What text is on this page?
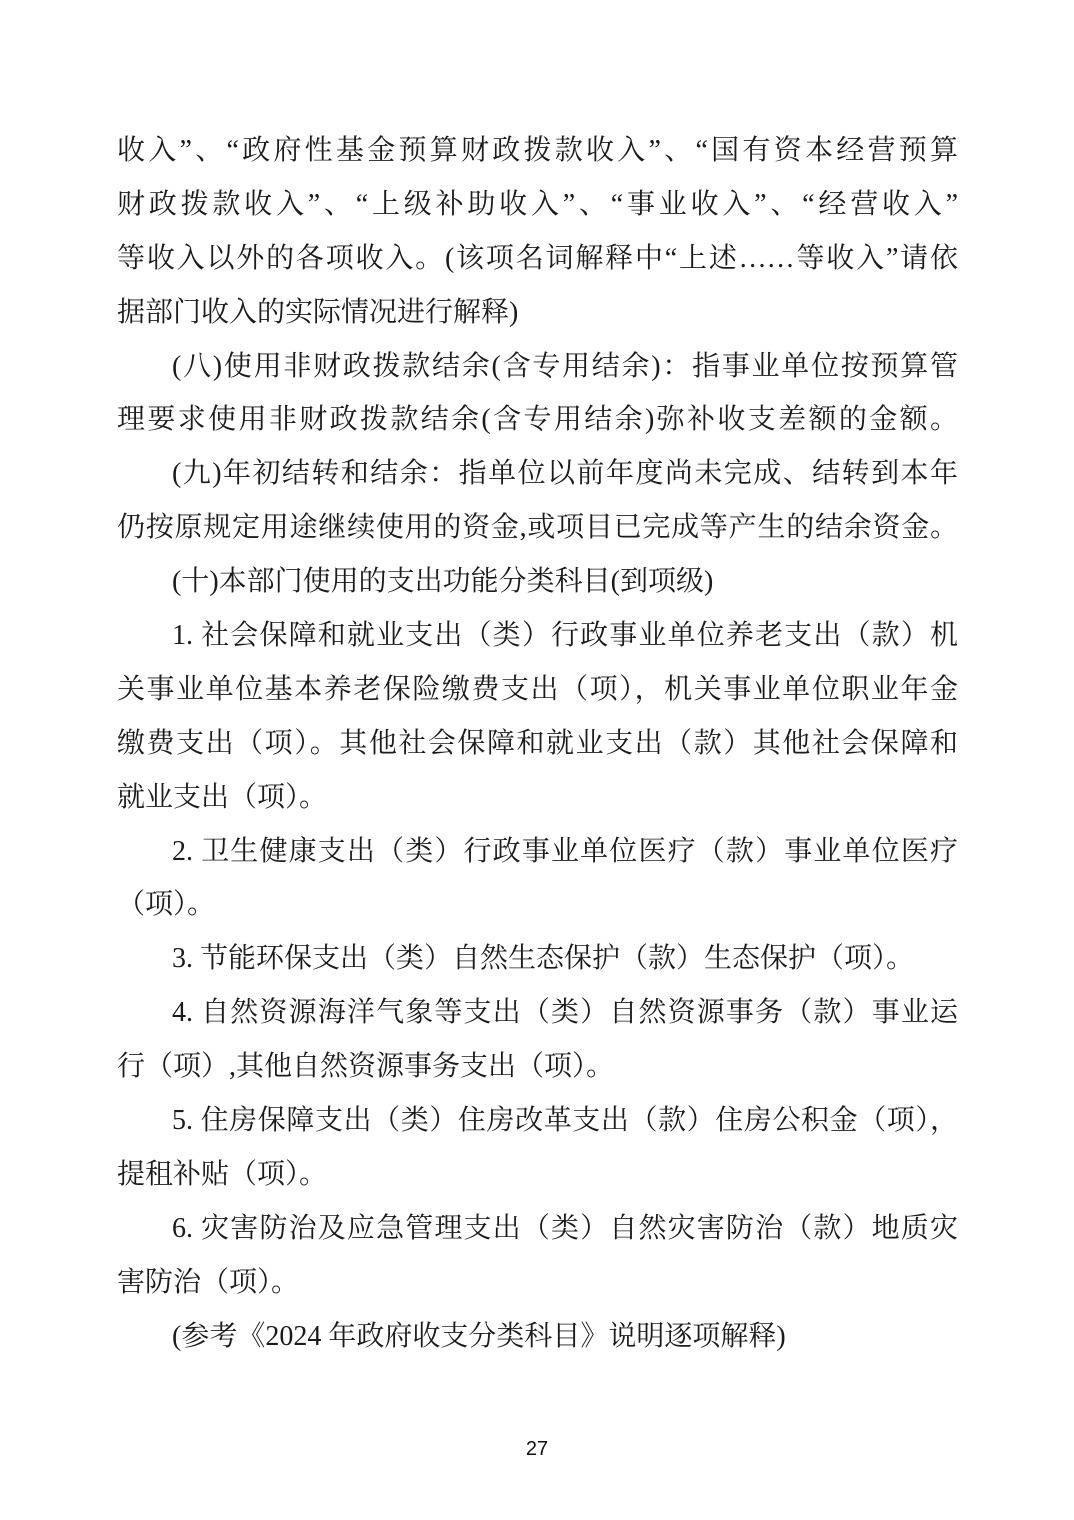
收入”、“政府性基金预算财政拨款收入”、“国有资本经营预算
财政拨款收入”、“上级补助收入”、“事业收入”、“经营收入”
等收入以外的各项收入。(该项名词解释中“上述……等收入”请依
据部门收入的实际情况进行解释)
(八)使用非财政拨款结余(含专用结余)：指事业单位按预算管
理要求使用非财政拨款结余(含专用结余)弥补收支差额的金额。
(九)年初结转和结余：指单位以前年度尚未完成、结转到本年
仍按原规定用途继续使用的资金,或项目已完成等产生的结余资金。
(十)本部门使用的支出功能分类科目(到项级)
1. 社会保障和就业支出（类）行政事业单位养老支出（款）机
关事业单位基本养老保险缴费支出（项），机关事业单位职业年金
缴费支出（项）。其他社会保障和就业支出（款）其他社会保障和
就业支出（项）。
2. 卫生健康支出（类）行政事业单位医疗（款）事业单位医疗
（项）。
3. 节能环保支出（类）自然生态保护（款）生态保护（项）。
4. 自然资源海洋气象等支出（类）自然资源事务（款）事业运
行（项）,其他自然资源事务支出（项）。
5. 住房保障支出（类）住房改革支出（款）住房公积金（项），
提租补贴（项）。
6. 灾害防治及应急管理支出（类）自然灾害防治（款）地质灾
害防治（项）。
(参考《2024 年政府收支分类科目》说明逐项解释)
27
